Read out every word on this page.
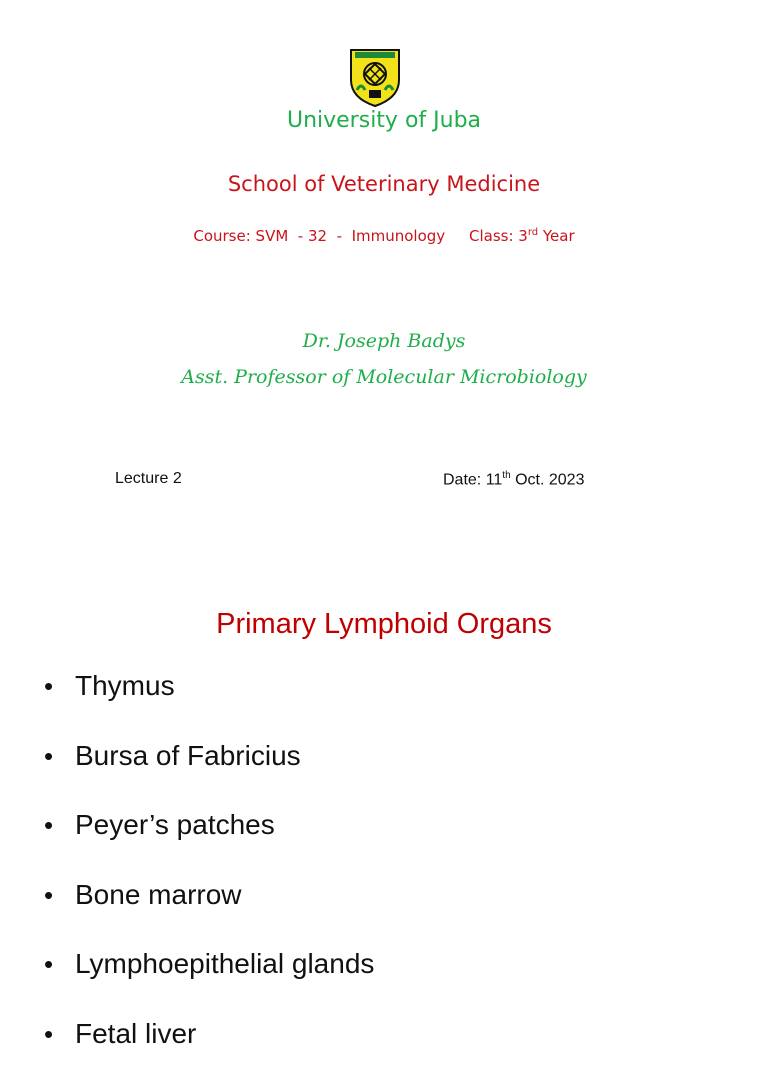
University of Juba
School of Veterinary Medicine
Course: SVM  - 32  -  Immunology     Class: 3rd Year
Dr. Joseph Badys
Asst. Professor of Molecular Microbiology
Lecture 2	Date: 11th Oct. 2023
Primary Lymphoid Organs
• Thymus
• Bursa of Fabricius
• Peyer’s patches
• Bone marrow
• Lymphoepithelial glands
• Fetal liver
